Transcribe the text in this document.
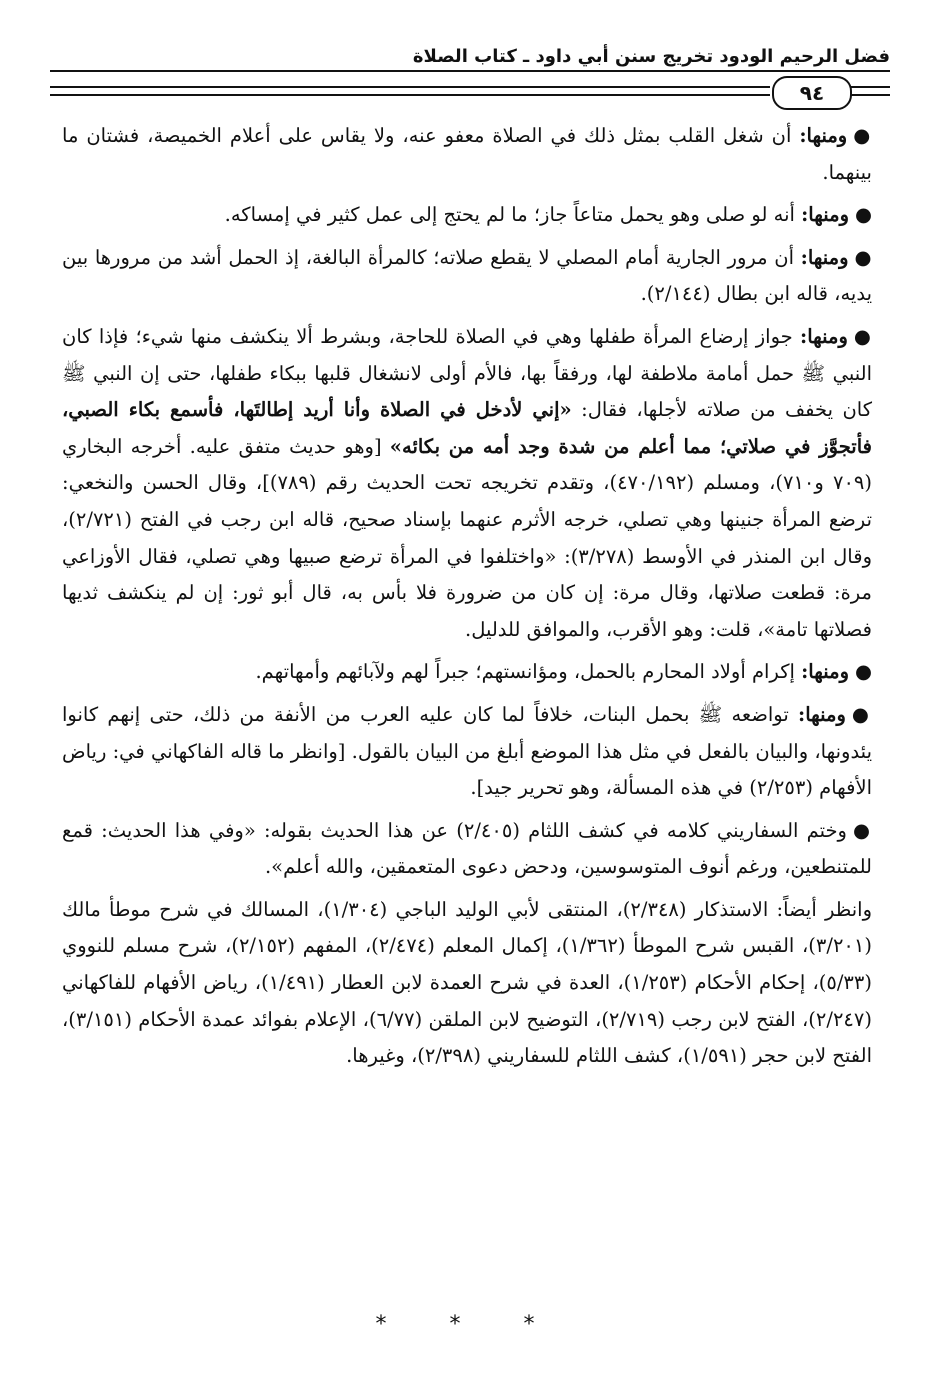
فضل الرحيم الودود تخريج سنن أبي داود ـ كتاب الصلاة
٩٤

●ومنها: أن شغل القلب بمثل ذلك في الصلاة معفو عنه، ولا يقاس على أعلام الخميصة، فشتان ما بينهما.

●ومنها: أنه لو صلى وهو يحمل متاعاً جاز؛ ما لم يحتج إلى عمل كثير في إمساكه.

●ومنها: أن مرور الجارية أمام المصلي لا يقطع صلاته؛ كالمرأة البالغة، إذ الحمل أشد من مرورها بين يديه، قاله ابن بطال (٢/١٤٤).

●ومنها: جواز إرضاع المرأة طفلها وهي في الصلاة للحاجة، وبشرط ألا ينكشف منها شيء؛ فإذا كان النبي ﷺ حمل أمامة ملاطفة لها، ورفقاً بها، فالأم أولى لانشغال قلبها ببكاء طفلها، حتى إن النبي ﷺ كان يخفف من صلاته لأجلها، فقال: «إني لأدخل في الصلاة وأنا أريد إطالتَها، فأسمع بكاء الصبي، فأتجوَّز في صلاتي؛ مما أعلم من شدة وجد أمه من بكائه» [وهو حديث متفق عليه. أخرجه البخاري (٧٠٩ و٧١٠)، ومسلم (٤٧٠/١٩٢)، وتقدم تخريجه تحت الحديث رقم (٧٨٩)]، وقال الحسن والنخعي: ترضع المرأة جنينها وهي تصلي، خرجه الأثرم عنهما بإسناد صحيح، قاله ابن رجب في الفتح (٢/٧٢١)، وقال ابن المنذر في الأوسط (٣/٢٧٨): «واختلفوا في المرأة ترضع صبيها وهي تصلي، فقال الأوزاعي مرة: قطعت صلاتها، وقال مرة: إن كان من ضرورة فلا بأس به، قال أبو ثور: إن لم ينكشف ثديها فصلاتها تامة»، قلت: وهو الأقرب، والموافق للدليل.

●ومنها: إكرام أولاد المحارم بالحمل، ومؤانستهم؛ جبراً لهم ولآبائهم وأمهاتهم.

●ومنها: تواضعه ﷺ بحمل البنات، خلافاً لما كان عليه العرب من الأنفة من ذلك، حتى إنهم كانوا يئدونها، والبيان بالفعل في مثل هذا الموضع أبلغ من البيان بالقول. [وانظر ما قاله الفاكهاني في: رياض الأفهام (٢/٢٥٣) في هذه المسألة، وهو تحرير جيد].

●وختم السفاريني كلامه في كشف اللثام (٢/٤٠٥) عن هذا الحديث بقوله: «وفي هذا الحديث: قمع للمتنطعين، ورغم أنوف المتوسوسين، ودحض دعوى المتعمقين، والله أعلم».

وانظر أيضاً: الاستذكار (٢/٣٤٨)، المنتقى لأبي الوليد الباجي (١/٣٠٤)، المسالك في شرح موطأ مالك (٣/٢٠١)، القبس شرح الموطأ (١/٣٦٢)، إكمال المعلم (٢/٤٧٤)، المفهم (٢/١٥٢)، شرح مسلم للنووي (٥/٣٣)، إحكام الأحكام (١/٢٥٣)، العدة في شرح العمدة لابن العطار (١/٤٩١)، رياض الأفهام للفاكهاني (٢/٢٤٧)، الفتح لابن رجب (٢/٧١٩)، التوضيح لابن الملقن (٦/٧٧)، الإعلام بفوائد عمدة الأحكام (٣/١٥١)، الفتح لابن حجر (١/٥٩١)، كشف اللثام للسفاريني (٢/٣٩٨)، وغيرها.

* * *
